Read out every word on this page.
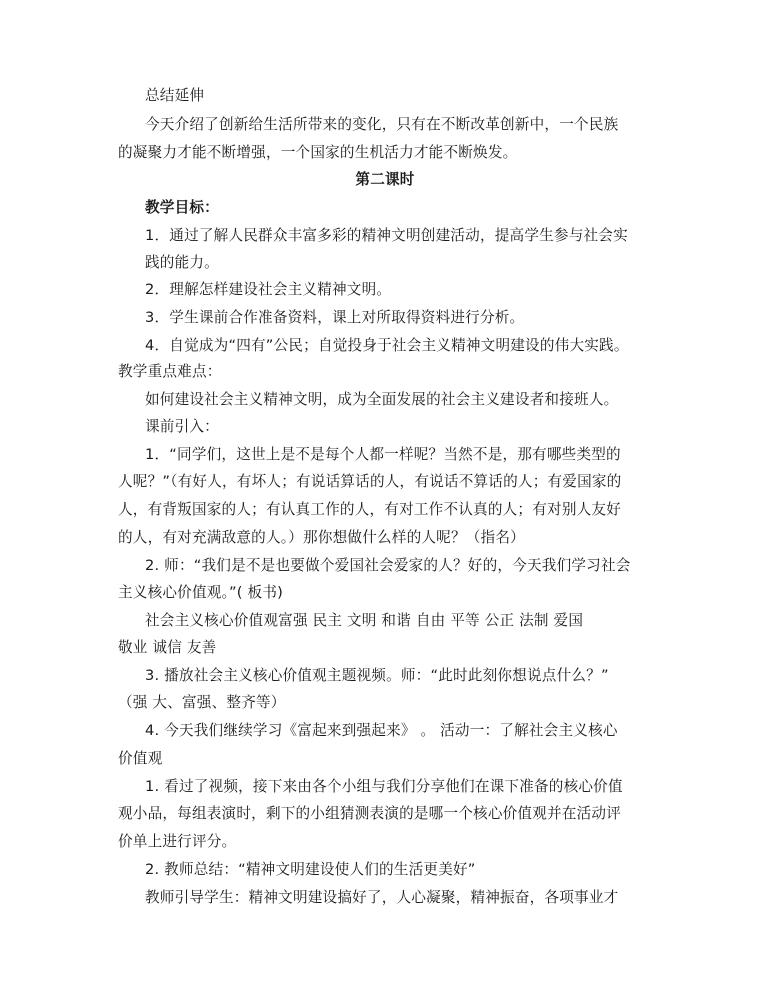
总结延伸
今天介绍了创新给生活所带来的变化，只有在不断改革创新中，一个民族
的凝聚力才能不断增强，一个国家的生机活力才能不断焕发。
第二课时
教学目标：
1．通过了解人民群众丰富多彩的精神文明创建活动，提高学生参与社会实
践的能力。
2．理解怎样建设社会主义精神文明。
3．学生课前合作准备资料，课上对所取得资料进行分析。
4．自觉成为“四有”公民；自觉投身于社会主义精神文明建设的伟大实践。
教学重点难点：
如何建设社会主义精神文明，成为全面发展的社会主义建设者和接班人。
课前引入：
1．“同学们，这世上是不是每个人都一样呢？当然不是，那有哪些类型的
人呢？”（有好人，有坏人；有说话算话的人，有说话不算话的人；有爱国家的
人，有背叛国家的人；有认真工作的人，有对工作不认真的人；有对别人友好
的人，有对充满敌意的人。）那你想做什么样的人呢？（指名）
2. 师：“我们是不是也要做个爱国社会爱家的人？好的，今天我们学习社会
主义核心价值观。”( 板书)
社会主义核心价值观富强 民主 文明 和谐 自由 平等 公正 法制 爱国
敬业 诚信 友善
3. 播放社会主义核心价值观主题视频。师：“此时此刻你想说点什么？”
（强 大、富强、整齐等）
4. 今天我们继续学习《富起来到强起来》 。 活动一：了解社会主义核心
价值观
1. 看过了视频，接下来由各个小组与我们分享他们在课下准备的核心价值
观小品，每组表演时，剩下的小组猜测表演的是哪一个核心价值观并在活动评
价单上进行评分。
2. 教师总结：“精神文明建设使人们的生活更美好”
教师引导学生：精神文明建设搞好了，人心凝聚，精神振奋，各项事业才
